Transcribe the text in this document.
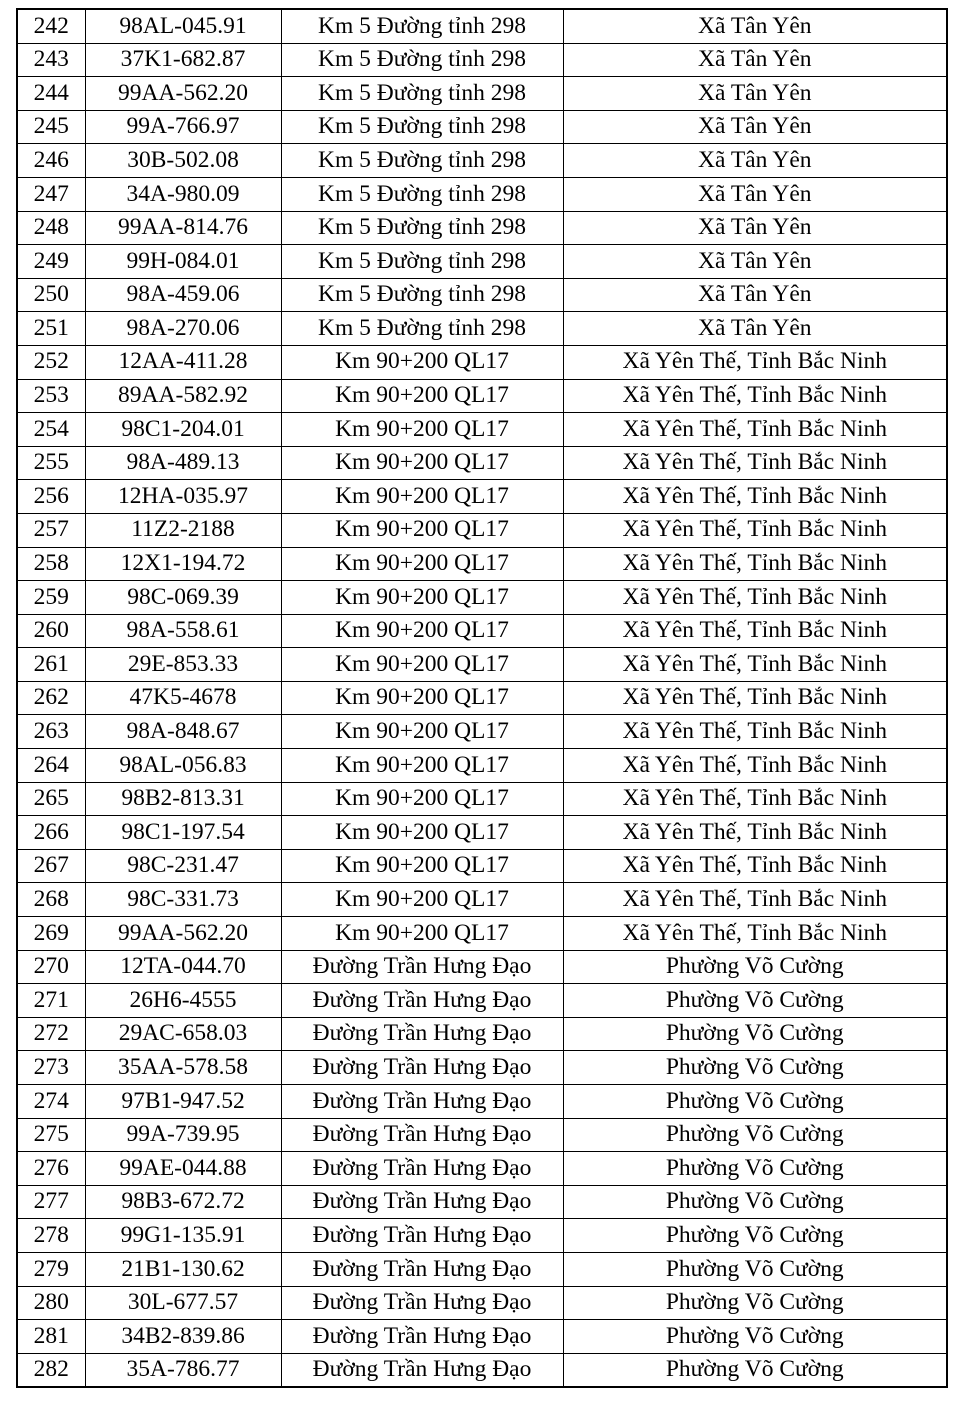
242	98AL-045.91	Km 5 Đường tỉnh 298	Xã Tân Yên
243	37K1-682.87	Km 5 Đường tỉnh 298	Xã Tân Yên
244	99AA-562.20	Km 5 Đường tỉnh 298	Xã Tân Yên
245	99A-766.97	Km 5 Đường tỉnh 298	Xã Tân Yên
246	30B-502.08	Km 5 Đường tỉnh 298	Xã Tân Yên
247	34A-980.09	Km 5 Đường tỉnh 298	Xã Tân Yên
248	99AA-814.76	Km 5 Đường tỉnh 298	Xã Tân Yên
249	99H-084.01	Km 5 Đường tỉnh 298	Xã Tân Yên
250	98A-459.06	Km 5 Đường tỉnh 298	Xã Tân Yên
251	98A-270.06	Km 5 Đường tỉnh 298	Xã Tân Yên
252	12AA-411.28	Km 90+200 QL17	Xã Yên Thế, Tỉnh Bắc Ninh
253	89AA-582.92	Km 90+200 QL17	Xã Yên Thế, Tỉnh Bắc Ninh
254	98C1-204.01	Km 90+200 QL17	Xã Yên Thế, Tỉnh Bắc Ninh
255	98A-489.13	Km 90+200 QL17	Xã Yên Thế, Tỉnh Bắc Ninh
256	12HA-035.97	Km 90+200 QL17	Xã Yên Thế, Tỉnh Bắc Ninh
257	11Z2-2188	Km 90+200 QL17	Xã Yên Thế, Tỉnh Bắc Ninh
258	12X1-194.72	Km 90+200 QL17	Xã Yên Thế, Tỉnh Bắc Ninh
259	98C-069.39	Km 90+200 QL17	Xã Yên Thế, Tỉnh Bắc Ninh
260	98A-558.61	Km 90+200 QL17	Xã Yên Thế, Tỉnh Bắc Ninh
261	29E-853.33	Km 90+200 QL17	Xã Yên Thế, Tỉnh Bắc Ninh
262	47K5-4678	Km 90+200 QL17	Xã Yên Thế, Tỉnh Bắc Ninh
263	98A-848.67	Km 90+200 QL17	Xã Yên Thế, Tỉnh Bắc Ninh
264	98AL-056.83	Km 90+200 QL17	Xã Yên Thế, Tỉnh Bắc Ninh
265	98B2-813.31	Km 90+200 QL17	Xã Yên Thế, Tỉnh Bắc Ninh
266	98C1-197.54	Km 90+200 QL17	Xã Yên Thế, Tỉnh Bắc Ninh
267	98C-231.47	Km 90+200 QL17	Xã Yên Thế, Tỉnh Bắc Ninh
268	98C-331.73	Km 90+200 QL17	Xã Yên Thế, Tỉnh Bắc Ninh
269	99AA-562.20	Km 90+200 QL17	Xã Yên Thế, Tỉnh Bắc Ninh
270	12TA-044.70	Đường Trần Hưng Đạo	Phường Võ Cường
271	26H6-4555	Đường Trần Hưng Đạo	Phường Võ Cường
272	29AC-658.03	Đường Trần Hưng Đạo	Phường Võ Cường
273	35AA-578.58	Đường Trần Hưng Đạo	Phường Võ Cường
274	97B1-947.52	Đường Trần Hưng Đạo	Phường Võ Cường
275	99A-739.95	Đường Trần Hưng Đạo	Phường Võ Cường
276	99AE-044.88	Đường Trần Hưng Đạo	Phường Võ Cường
277	98B3-672.72	Đường Trần Hưng Đạo	Phường Võ Cường
278	99G1-135.91	Đường Trần Hưng Đạo	Phường Võ Cường
279	21B1-130.62	Đường Trần Hưng Đạo	Phường Võ Cường
280	30L-677.57	Đường Trần Hưng Đạo	Phường Võ Cường
281	34B2-839.86	Đường Trần Hưng Đạo	Phường Võ Cường
282	35A-786.77	Đường Trần Hưng Đạo	Phường Võ Cường
